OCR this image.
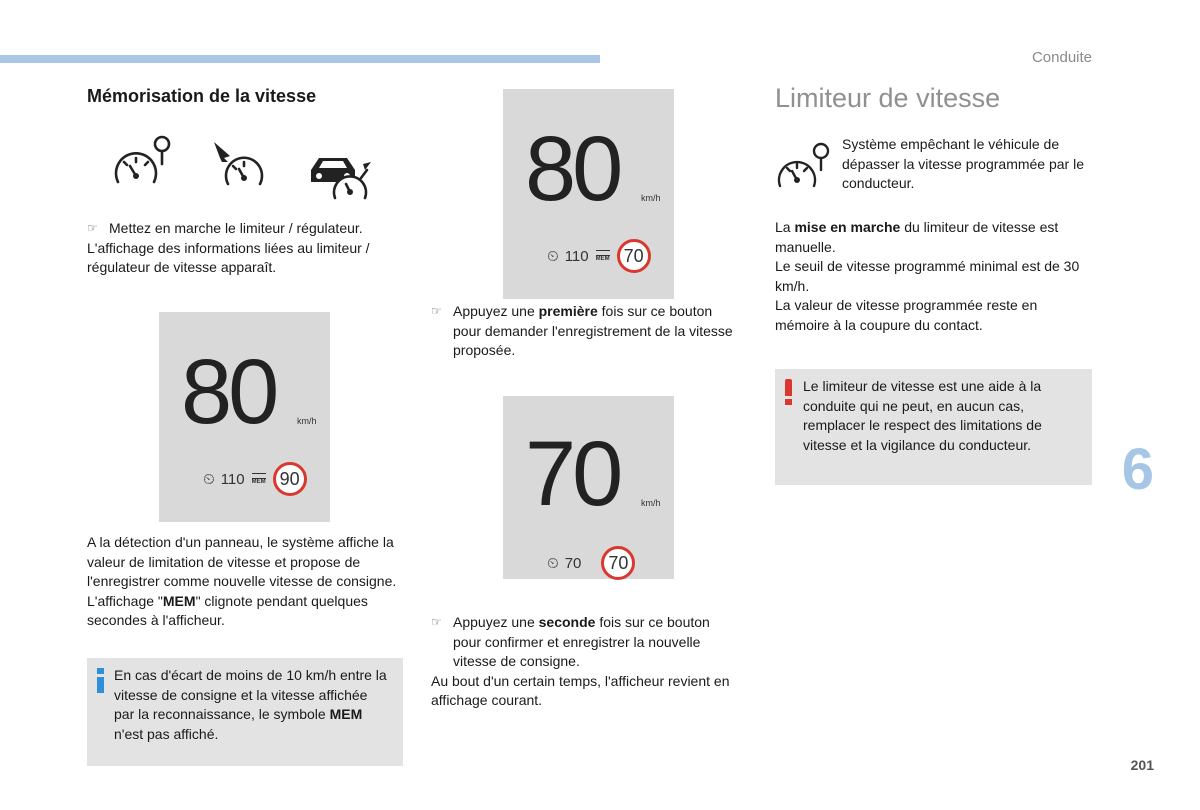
Conduite
Mémorisation de la vitesse
☞ Mettez en marche le limiteur / régulateur.
L'affichage des informations liées au limiteur / régulateur de vitesse apparaît.
80 km/h
⏲ 110 MEM 90
A la détection d'un panneau, le système affiche la valeur de limitation de vitesse et propose de l'enregistrer comme nouvelle vitesse de consigne.
L'affichage "MEM" clignote pendant quelques secondes à l'afficheur.
En cas d'écart de moins de 10 km/h entre la vitesse de consigne et la vitesse affichée par la reconnaissance, le symbole MEM n'est pas affiché.
80 km/h
⏲ 110 MEM 70
☞ Appuyez une première fois sur ce bouton pour demander l'enregistrement de la vitesse proposée.
70 km/h
⏲ 70	70
☞ Appuyez une seconde fois sur ce bouton pour confirmer et enregistrer la nouvelle vitesse de consigne.
Au bout d'un certain temps, l'afficheur revient en affichage courant.
Limiteur de vitesse
Système empêchant le véhicule de dépasser la vitesse programmée par le conducteur.
La mise en marche du limiteur de vitesse est manuelle.
Le seuil de vitesse programmé minimal est de 30 km/h.
La valeur de vitesse programmée reste en mémoire à la coupure du contact.
Le limiteur de vitesse est une aide à la conduite qui ne peut, en aucun cas, remplacer le respect des limitations de vitesse et la vigilance du conducteur.	6
201
